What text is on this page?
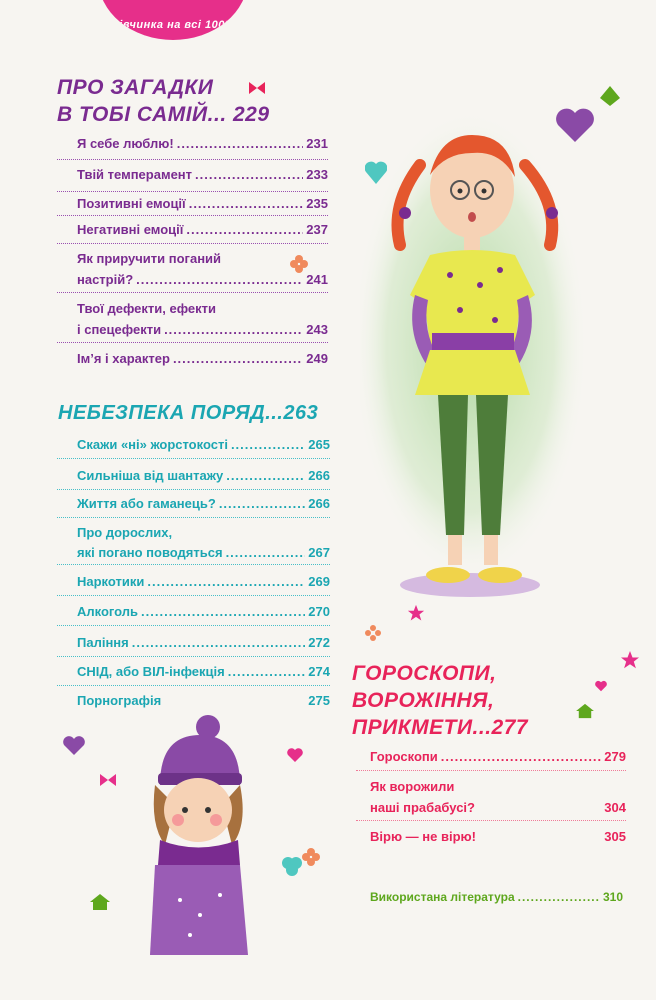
Дівчинка на всі 100%
ПРО ЗАГАДКИ
В ТОБІ САМІЙ... 229
Я себе люблю! .....	231
Твій темперамент .....	233
Позитивні емоції .....	235
Негативні емоції .....	237
Як приручити поганий
настрій? .....	241
Твої дефекти, ефекти
і спецефекти .....	243
Ім’я і характер .....	249
НЕБЕЗПЕКА ПОРЯД...263
Скажи «ні» жорстокості .....	265
Сильніша від шантажу .....	266
Життя або гаманець? .....	266
Про дорослих,
які погано поводяться .....	267
Наркотики .....	269
Алкоголь .....	270
Паління .....	272
СНІД, або ВІЛ-інфекція .....	274
Порнографія	275
ГОРОСКОПИ,
ВОРОЖІННЯ,
ПРИКМЕТИ...277
Гороскопи .....	279
Як ворожили
наші прабабусі?	304
Вірю — не вірю!	305
Використана література .....	310
